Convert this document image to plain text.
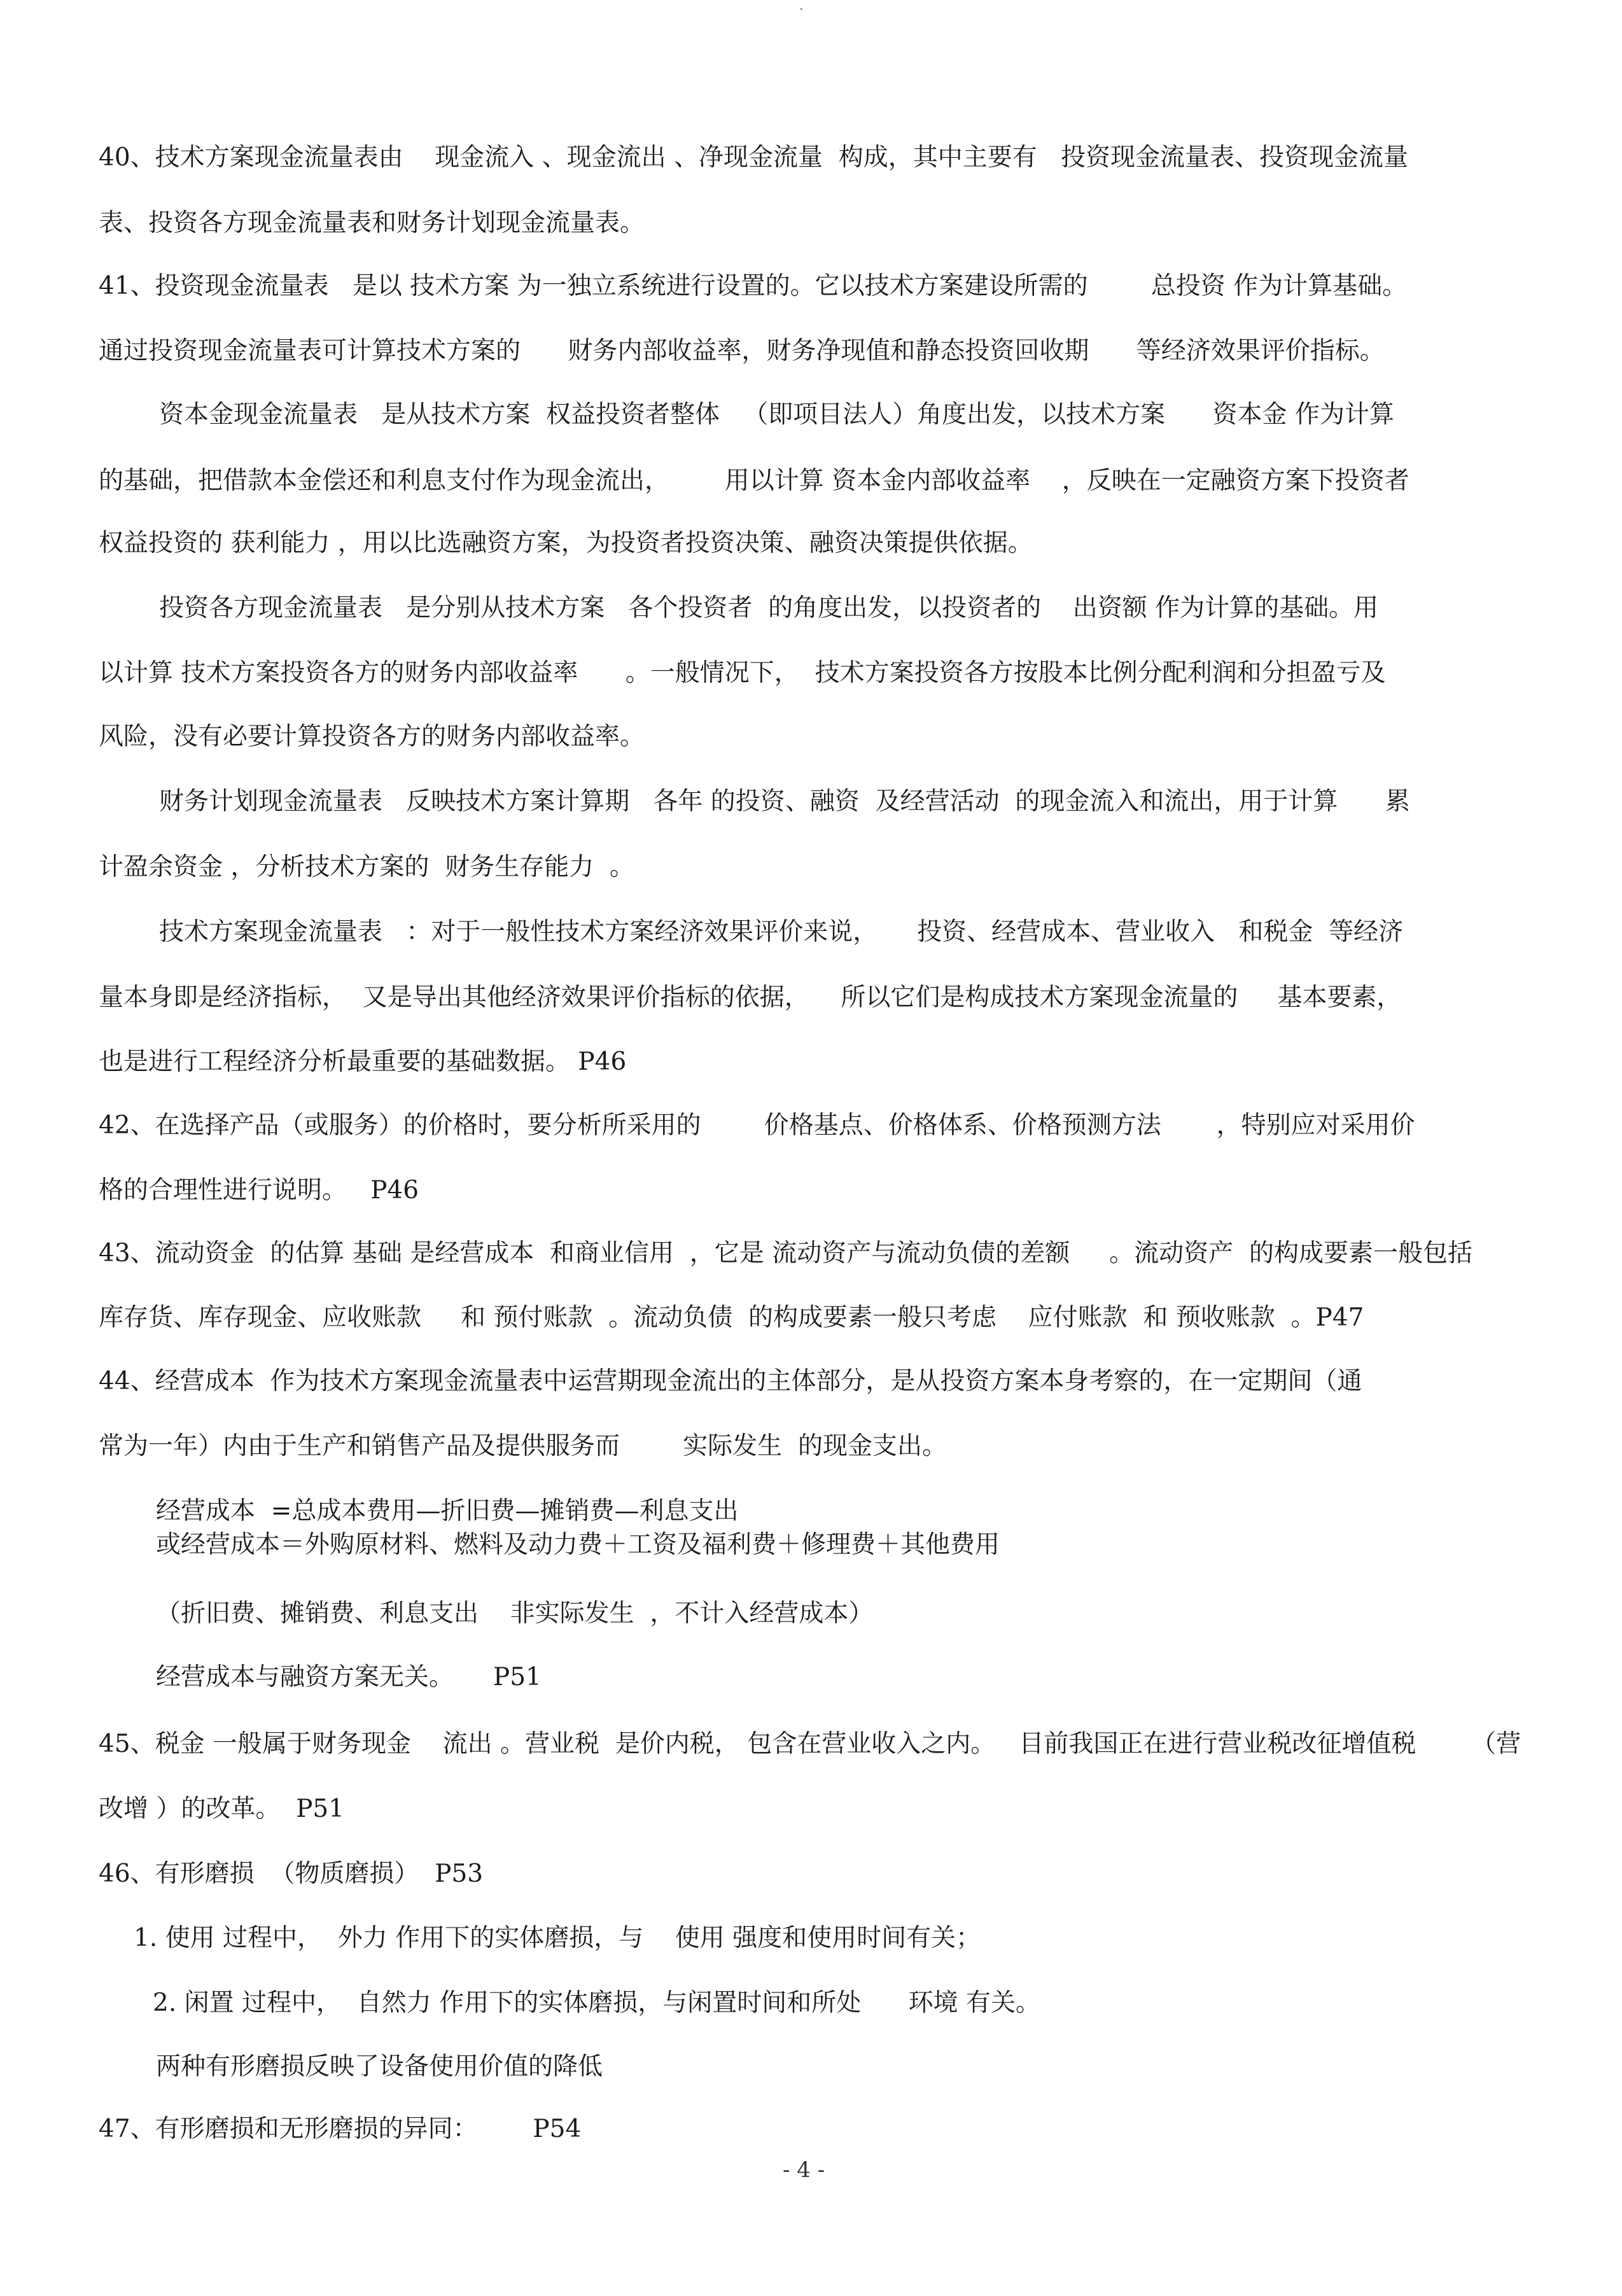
·

40、技术方案现金流量表由    现金流入 、现金流出 、净现金流量  构成，其中主要有   投资现金流量表、投资现金流量

表、投资各方现金流量表和财务计划现金流量表。

41、投资现金流量表   是以 技术方案 为一独立系统进行设置的。它以技术方案建设所需的        总投资 作为计算基础。

通过投资现金流量表可计算技术方案的      财务内部收益率，财务净现值和静态投资回收期      等经济效果评价指标。

资本金现金流量表   是从技术方案  权益投资者整体   （即项目法人）角度出发，以技术方案      资本金 作为计算

的基础，把借款本金偿还和利息支付作为现金流出，       用以计算 资本金内部收益率    ，反映在一定融资方案下投资者

权益投资的 获利能力 ，用以比选融资方案，为投资者投资决策、融资决策提供依据。

投资各方现金流量表   是分别从技术方案   各个投资者  的角度出发，以投资者的    出资额 作为计算的基础。用

以计算 技术方案投资各方的财务内部收益率      。一般情况下，  技术方案投资各方按股本比例分配利润和分担盈亏及

风险，没有必要计算投资各方的财务内部收益率。

财务计划现金流量表   反映技术方案计算期   各年 的投资、融资  及经营活动  的现金流入和流出，用于计算      累

计盈余资金 ，分析技术方案的  财务生存能力  。

技术方案现金流量表   ：对于一般性技术方案经济效果评价来说，     投资、经营成本、营业收入   和税金  等经济

量本身即是经济指标，  又是导出其他经济效果评价指标的依据，    所以它们是构成技术方案现金流量的     基本要素，

也是进行工程经济分析最重要的基础数据。 P46

42、在选择产品（或服务）的价格时，要分析所采用的        价格基点、价格体系、价格预测方法       ，特别应对采用价

格的合理性进行说明。   P46

43、流动资金  的估算 基础 是经营成本  和商业信用  ，它是 流动资产与流动负债的差额     。流动资产  的构成要素一般包括

库存货、库存现金、应收账款     和 预付账款  。流动负债  的构成要素一般只考虑    应付账款  和 预收账款  。P47

44、经营成本  作为技术方案现金流量表中运营期现金流出的主体部分，是从投资方案本身考察的，在一定期间（通

常为一年）内由于生产和销售产品及提供服务而        实际发生  的现金支出。

经营成本  =总成本费用—折旧费—摊销费—利息支出

或经营成本＝外购原材料、燃料及动力费＋工资及福利费＋修理费＋其他费用

（折旧费、摊销费、利息支出    非实际发生  ，不计入经营成本）

经营成本与融资方案无关。     P51

45、税金 一般属于财务现金    流出 。营业税  是价内税， 包含在营业收入之内。   目前我国正在进行营业税改征增值税       （营

改增 ）的改革。  P51

46、有形磨损  （物质磨损）  P53

1. 使用 过程中，  外力 作用下的实体磨损，与    使用 强度和使用时间有关；

2. 闲置 过程中，  自然力 作用下的实体磨损，与闲置时间和所处      环境 有关。

两种有形磨损反映了设备使用价值的降低

47、有形磨损和无形磨损的异同：       P54

- 4 -
